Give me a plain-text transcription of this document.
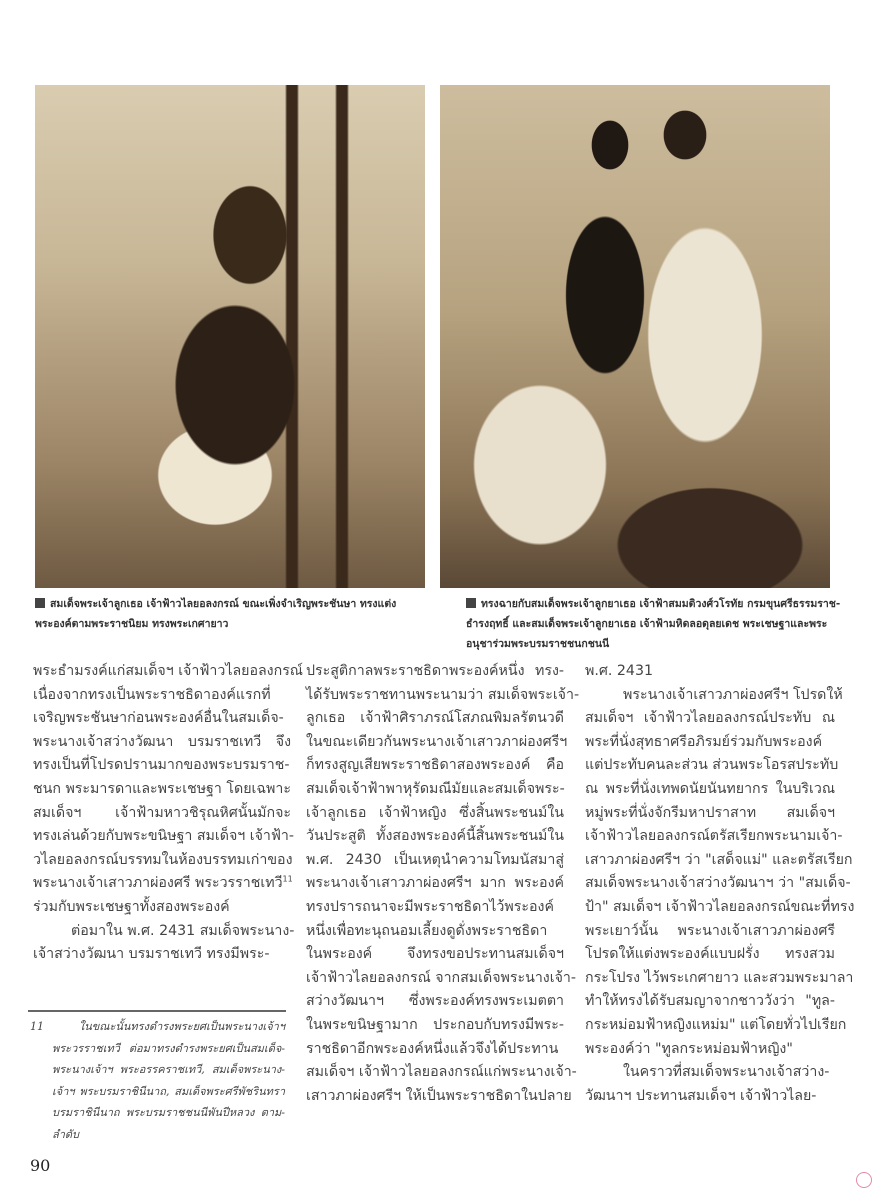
สมเด็จพระเจ้าลูกเธอ เจ้าฟ้าวไลยอลงกรณ์ ขณะเพิ่งจำเริญพระชันษา ทรงแต่ง พระองค์ตามพระราชนิยม ทรงพระเกศายาว
ทรงฉายกับสมเด็จพระเจ้าลูกยาเธอ เจ้าฟ้าสมมติวงศ์วโรทัย กรมขุนศรีธรรมราช-ธำรงฤทธิ์ และสมเด็จพระเจ้าลูกยาเธอ เจ้าฟ้ามหิดลอดุลยเดช พระเชษฐาและพระอนุชาร่วมพระบรมราชชนกชนนี
พระธำมรงค์แก่สมเด็จฯ เจ้าฟ้าวไลยอลงกรณ์
เนื่องจากทรงเป็นพระราชธิดาองค์แรกที่
เจริญพระชันษาก่อนพระองค์อื่นในสมเด็จ-
พระนางเจ้าสว่างวัฒนา บรมราชเทวี จึง
ทรงเป็นที่โปรดปรานมากของพระบรมราช-
ชนก พระมารดาและพระเชษฐา โดยเฉพาะ
สมเด็จฯ เจ้าฟ้ามหาวชิรุณหิศนั้นมักจะ
ทรงเล่นด้วยกับพระขนิษฐา สมเด็จฯ เจ้าฟ้า-
วไลยอลงกรณ์บรรทมในห้องบรรทมเก่าของ
พระนางเจ้าเสาวภาผ่องศรี พระวรราชเทวี$^{11}$
ร่วมกับพระเชษฐาทั้งสองพระองค์
ต่อมาใน พ.ศ. 2431 สมเด็จพระนาง-
เจ้าสว่างวัฒนา บรมราชเทวี ทรงมีพระ-
ประสูติกาลพระราชธิดาพระองค์หนึ่ง ทรง-
ได้รับพระราชทานพระนามว่า สมเด็จพระเจ้า-
ลูกเธอ เจ้าฟ้าศิราภรณ์โสภณพิมลรัตนวดี
ในขณะเดียวกันพระนางเจ้าเสาวภาผ่องศรีฯ
ก็ทรงสูญเสียพระราชธิดาสองพระองค์ คือ
สมเด็จเจ้าฟ้าพาหุรัดมณีมัยและสมเด็จพระ-
เจ้าลูกเธอ เจ้าฟ้าหญิง ซึ่งสิ้นพระชนม์ใน
วันประสูติ ทั้งสองพระองค์นี้สิ้นพระชนม์ใน
พ.ศ. 2430 เป็นเหตุนำความโทมนัสมาสู่
พระนางเจ้าเสาวภาผ่องศรีฯ มาก พระองค์
ทรงปรารถนาจะมีพระราชธิดาไว้พระองค์
หนึ่งเพื่อทะนุถนอมเลี้ยงดูดั่งพระราชธิดา
ในพระองค์ จึงทรงขอประทานสมเด็จฯ
เจ้าฟ้าวไลยอลงกรณ์ จากสมเด็จพระนางเจ้า-
สว่างวัฒนาฯ ซึ่งพระองค์ทรงพระเมตตา
ในพระขนิษฐามาก ประกอบกับทรงมีพระ-
ราชธิดาอีกพระองค์หนึ่งแล้วจึงได้ประทาน
สมเด็จฯ เจ้าฟ้าวไลยอลงกรณ์แก่พระนางเจ้า-
เสาวภาผ่องศรีฯ ให้เป็นพระราชธิดาในปลาย
พ.ศ. 2431
พระนางเจ้าเสาวภาผ่องศรีฯ โปรดให้
สมเด็จฯ เจ้าฟ้าวไลยอลงกรณ์ประทับ ณ
พระที่นั่งสุทธาศรีอภิรมย์ร่วมกับพระองค์
แต่ประทับคนละส่วน ส่วนพระโอรสประทับ
ณ พระที่นั่งเทพดนัยนันทยากร ในบริเวณ
หมู่พระที่นั่งจักรีมหาปราสาท สมเด็จฯ
เจ้าฟ้าวไลยอลงกรณ์ตรัสเรียกพระนามเจ้า-
เสาวภาผ่องศรีฯ ว่า "เสด็จแม่" และตรัสเรียก
สมเด็จพระนางเจ้าสว่างวัฒนาฯ ว่า "สมเด็จ-
ป้า" สมเด็จฯ เจ้าฟ้าวไลยอลงกรณ์ขณะที่ทรง
พระเยาว์นั้น พระนางเจ้าเสาวภาผ่องศรี
โปรดให้แต่งพระองค์แบบฝรั่ง ทรงสวม
กระโปรง ไว้พระเกศายาว และสวมพระมาลา
ทำให้ทรงได้รับสมญาจากชาววังว่า "ทูล-
กระหม่อมฟ้าหญิงแหม่ม" แต่โดยทั่วไปเรียก
พระองค์ว่า "ทูลกระหม่อมฟ้าหญิง"
ในคราวที่สมเด็จพระนางเจ้าสว่าง-
วัฒนาฯ ประทานสมเด็จฯ เจ้าฟ้าวไลย-
11 ในขณะนั้นทรงดำรงพระยศเป็นพระนางเจ้าฯ
พระวรราชเทวี ต่อมาทรงดำรงพระยศเป็นสมเด็จ-
พระนางเจ้าฯ พระอรรคราชเทวี, สมเด็จพระนาง-
เจ้าฯ พระบรมราชินีนาถ, สมเด็จพระศรีพัชรินทรา
บรมราชินีนาถ พระบรมราชชนนีพันปีหลวง ตาม-
ลำดับ
90
